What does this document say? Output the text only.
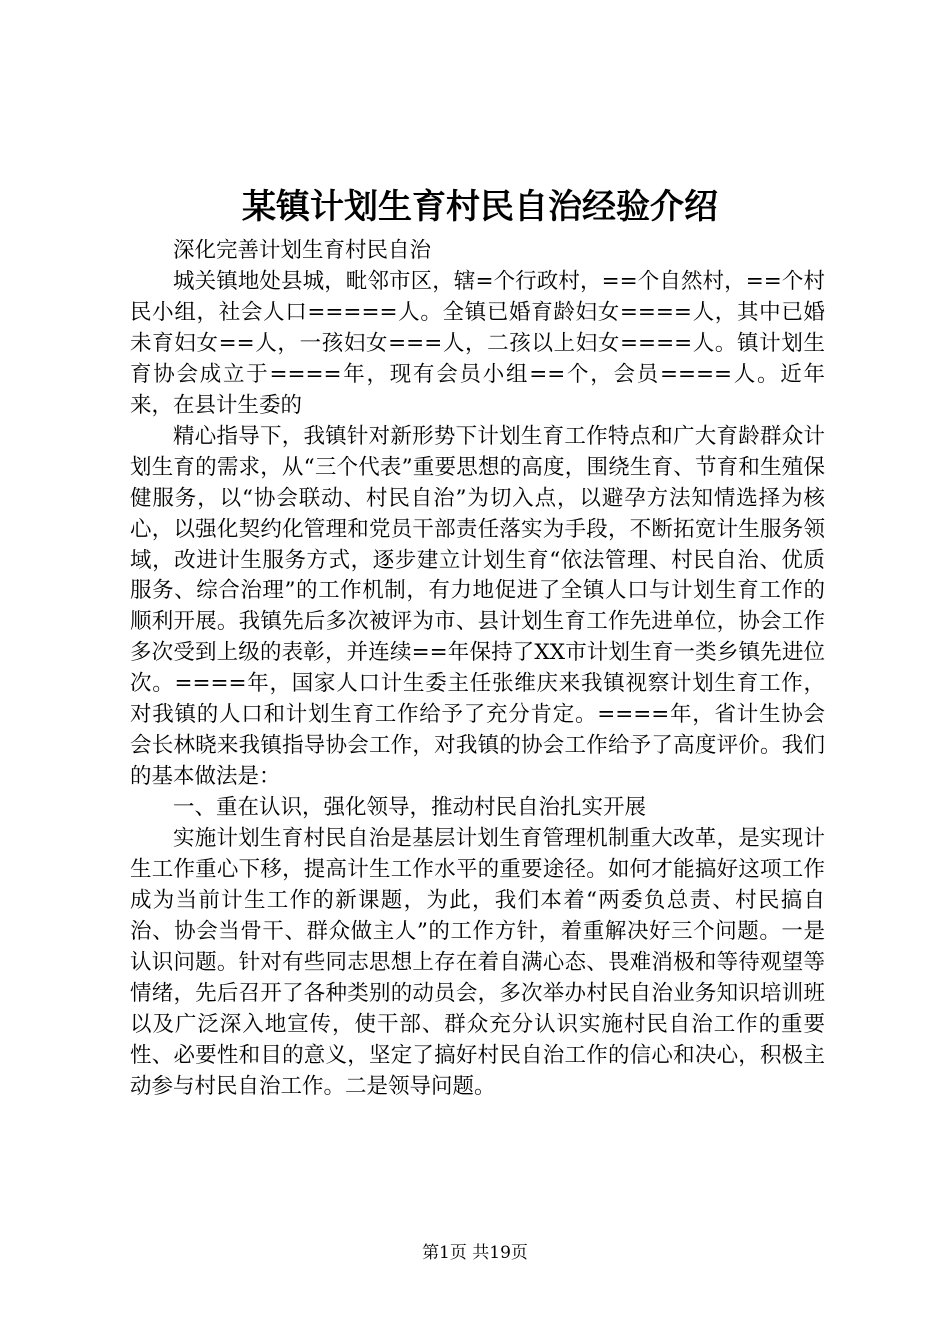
某镇计划生育村民自治经验介绍

深化完善计划生育村民自治

城关镇地处县城，毗邻市区，辖=个行政村，==个自然村，==个村民小组，社会人口=====人。全镇已婚育龄妇女====人，其中已婚未育妇女==人，一孩妇女===人，二孩以上妇女====人。镇计划生育协会成立于====年，现有会员小组==个，会员====人。近年来，在县计生委的

精心指导下，我镇针对新形势下计划生育工作特点和广大育龄群众计划生育的需求，从“三个代表”重要思想的高度，围绕生育、节育和生殖保健服务，以“协会联动、村民自治”为切入点，以避孕方法知情选择为核心，以强化契约化管理和党员干部责任落实为手段，不断拓宽计生服务领域，改进计生服务方式，逐步建立计划生育“依法管理、村民自治、优质服务、综合治理”的工作机制，有力地促进了全镇人口与计划生育工作的顺利开展。我镇先后多次被评为市、县计划生育工作先进单位，协会工作多次受到上级的表彰，并连续==年保持了XX市计划生育一类乡镇先进位次。====年，国家人口计生委主任张维庆来我镇视察计划生育工作，对我镇的人口和计划生育工作给予了充分肯定。====年，省计生协会会长林晓来我镇指导协会工作，对我镇的协会工作给予了高度评价。我们的基本做法是：

一、重在认识，强化领导，推动村民自治扎实开展

实施计划生育村民自治是基层计划生育管理机制重大改革，是实现计生工作重心下移，提高计生工作水平的重要途径。如何才能搞好这项工作成为当前计生工作的新课题，为此，我们本着“两委负总责、村民搞自治、协会当骨干、群众做主人”的工作方针，着重解决好三个问题。一是认识问题。针对有些同志思想上存在着自满心态、畏难消极和等待观望等情绪，先后召开了各种类别的动员会，多次举办村民自治业务知识培训班以及广泛深入地宣传，使干部、群众充分认识实施村民自治工作的重要性、必要性和目的意义，坚定了搞好村民自治工作的信心和决心，积极主动参与村民自治工作。二是领导问题。

第1页 共19页
